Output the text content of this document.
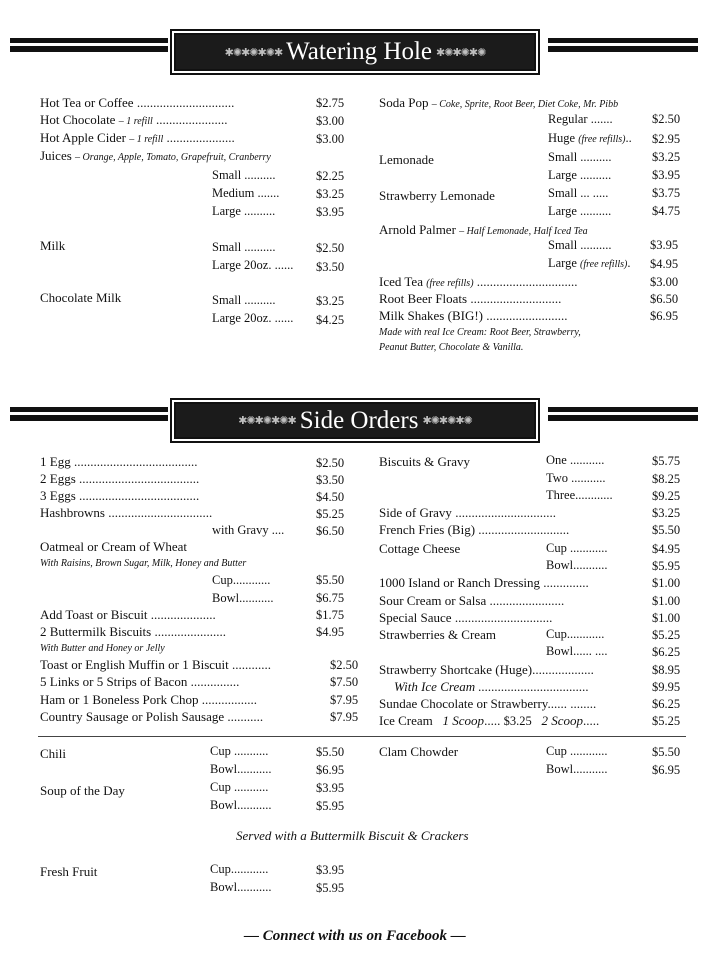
✱✺✱✺✱✺✱ Watering Hole ✱✺✱✺✱✺
Hot Tea or Coffee ..............................	$2.75
Hot Chocolate – 1 refill ......................	$3.00
Hot Apple Cider – 1 refill .....................	$3.00
Juices – Orange, Apple, Tomato, Grapefruit, Cranberry
Small ..........	$2.25
Medium .......	$3.25
Large ..........	$3.95
Milk	Small ..........	$2.50
Large 20oz. ...... $3.50
Chocolate Milk	Small ..........	$3.25
Large 20oz. ...... $4.25
Soda Pop – Coke, Sprite, Root Beer, Diet Coke, Mr. Pibb
Regular .......	$2.50
Huge (free refills).. $2.95
Lemonade	Small ..........	$3.25
Large ..........	$3.95
Strawberry Lemonade	Small ... .....	$3.75
Large ..........	$4.75
Arnold Palmer – Half Lemonade, Half Iced Tea
Small ..........	$3.95
Large (free refills). $4.95
Iced Tea (free refills) ...............................	$3.00
Root Beer Floats ............................	$6.50
Milk Shakes (BIG!) .........................	$6.95
Made with real Ice Cream: Root Beer, Strawberry,
Peanut Butter, Chocolate & Vanilla.
✱✺✱✺✱✺✱ Side Orders ✱✺✱✺✱✺
1 Egg ......................................	$2.50
2 Eggs .....................................	$3.50
3 Eggs .....................................	$4.50
Hashbrowns ................................	$5.25
with Gravy ....	$6.50
Oatmeal or Cream of Wheat
With Raisins, Brown Sugar, Milk, Honey and Butter
Cup............	$5.50
Bowl...........	$6.75
Add Toast or Biscuit ....................	$1.75
2 Buttermilk Biscuits ......................	$4.95
With Butter and Honey or Jelly
Toast or English Muffin or 1 Biscuit ............	$2.50
5 Links or 5 Strips of Bacon ...............	$7.50
Ham or 1 Boneless Pork Chop .................	$7.95
Country Sausage or Polish Sausage ...........	$7.95
Biscuits & Gravy	One ...........	$5.75
Two ...........	$8.25
Three............	$9.25
Side of Gravy ...............................	$3.25
French Fries (Big) ............................	$5.50
Cottage Cheese	Cup ............	$4.95
Bowl...........	$5.95
1000 Island or Ranch Dressing ..............	$1.00
Sour Cream or Salsa .......................	$1.00
Special Sauce ..............................	$1.00
Strawberries & Cream	Cup............	$5.25
Bowl...... ....	$6.25
Strawberry Shortcake (Huge)...................	$8.95
With Ice Cream ..................................	$9.95
Sundae Chocolate or Strawberry...... ........	$6.25
Ice Cream 1 Scoop..... $3.25 2 Scoop.....	$5.25
Chili	Cup ...........	$5.50
Bowl...........	$6.95
Clam Chowder	Cup ............	$5.50
Bowl...........	$6.95
Soup of the Day	Cup ...........	$3.95
Bowl...........	$5.95
Served with a Buttermilk Biscuit & Crackers
Fresh Fruit	Cup............	$3.95
Bowl...........	$5.95
— Connect with us on Facebook —
